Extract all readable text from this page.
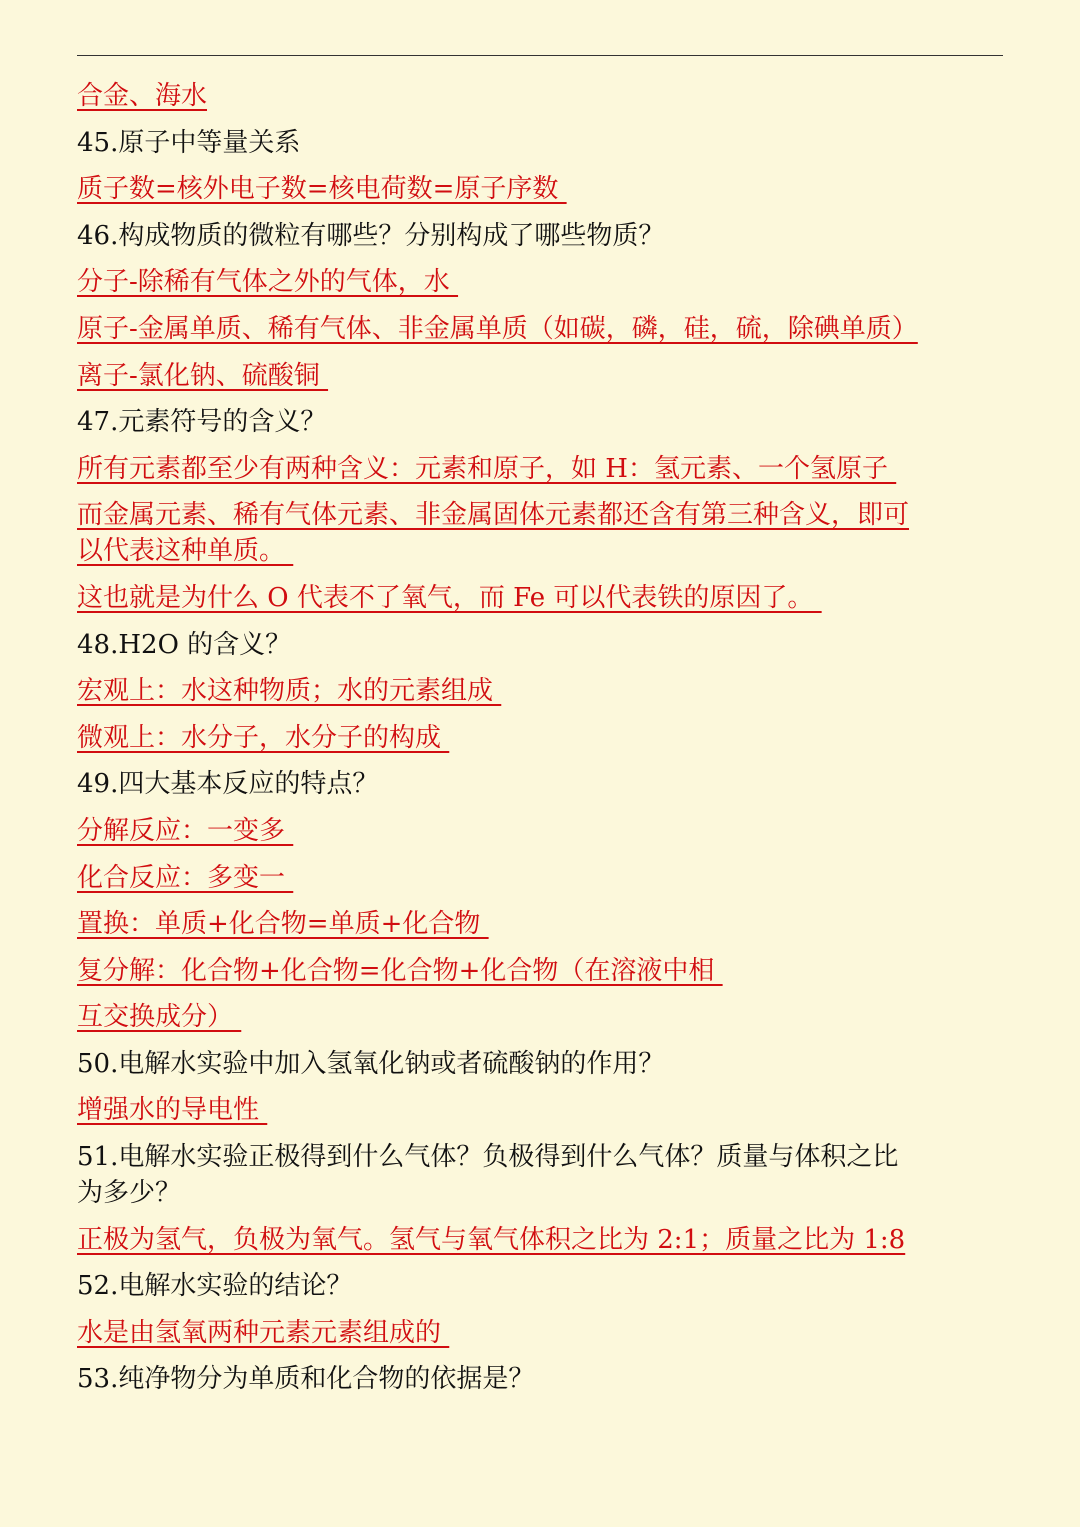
合金、海水
45.原子中等量关系
质子数=核外电子数=核电荷数=原子序数
46.构成物质的微粒有哪些？分别构成了哪些物质？
分子-除稀有气体之外的气体，水
原子-金属单质、稀有气体、非金属单质（如碳，磷，硅，硫，除碘单质）
离子-氯化钠、硫酸铜
47.元素符号的含义？
所有元素都至少有两种含义：元素和原子，如 H：氢元素、一个氢原子
而金属元素、稀有气体元素、非金属固体元素都还含有第三种含义，即可
以代表这种单质。
这也就是为什么 O 代表不了氧气，而 Fe 可以代表铁的原因了。
48.H2O 的含义？
宏观上：水这种物质；水的元素组成
微观上：水分子，水分子的构成
49.四大基本反应的特点？
分解反应：一变多
化合反应：多变一
置换：单质+化合物=单质+化合物
复分解：化合物+化合物=化合物+化合物（在溶液中相
互交换成分）
50.电解水实验中加入氢氧化钠或者硫酸钠的作用？
增强水的导电性
51.电解水实验正极得到什么气体？负极得到什么气体？质量与体积之比
为多少？
正极为氢气，负极为氧气。氢气与氧气体积之比为 2:1；质量之比为 1:8
52.电解水实验的结论？
水是由氢氧两种元素元素组成的
53.纯净物分为单质和化合物的依据是？
